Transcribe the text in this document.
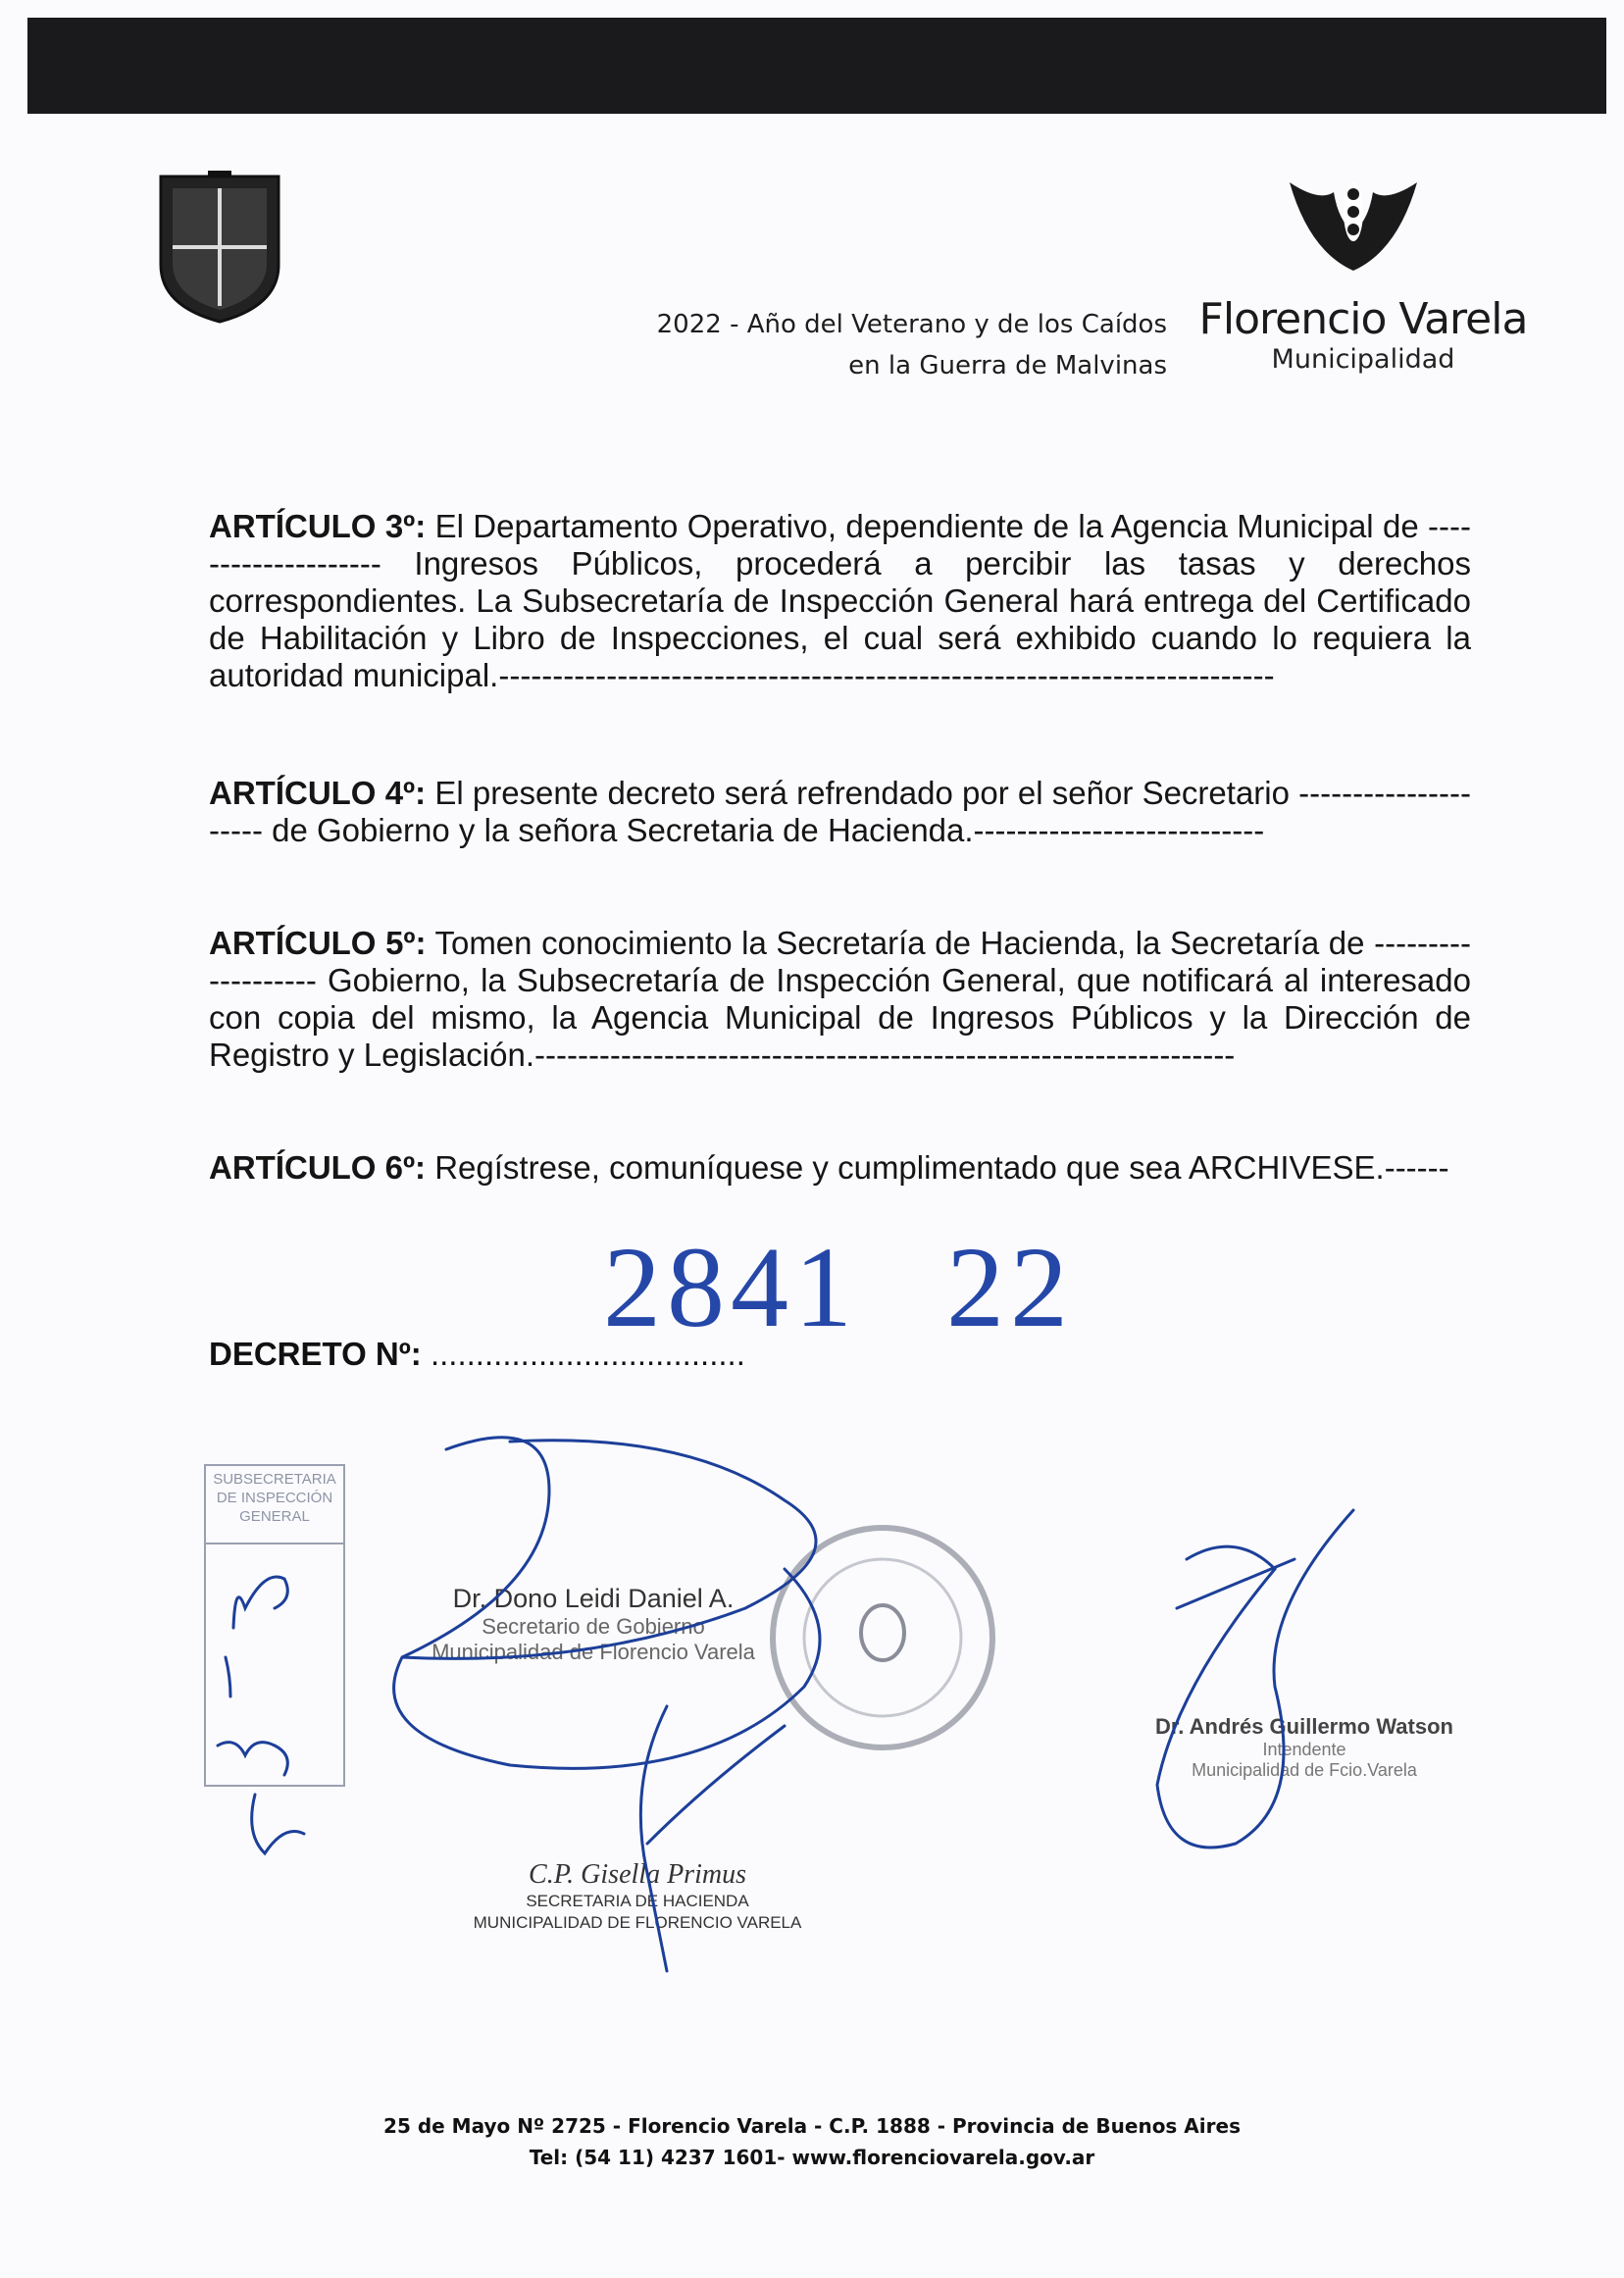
2022 - Año del Veterano y de los Caídos
en la Guerra de Malvinas
Florencio Varela
Municipalidad

ARTÍCULO 3º: El Departamento Operativo, dependiente de la Agencia Municipal de -------------------- Ingresos Públicos, procederá a percibir las tasas y derechos correspondientes. La Subsecretaría de Inspección General hará entrega del Certificado de Habilitación y Libro de Inspecciones, el cual será exhibido cuando lo requiera la autoridad municipal.------------------------------------------------------------------------

ARTÍCULO 4º: El presente decreto será refrendado por el señor Secretario --------------------- de Gobierno y la señora Secretaria de Hacienda.---------------------------

ARTÍCULO 5º: Tomen conocimiento la Secretaría de Hacienda, la Secretaría de ------------------- Gobierno, la Subsecretaría de Inspección General, que notificará al interesado con copia del mismo, la Agencia Municipal de Ingresos Públicos y la Dirección de Registro y Legislación.-----------------------------------------------------------------

ARTÍCULO 6º: Regístrese, comuníquese y cumplimentado que sea ARCHIVESE.------

2841 22
DECRETO Nº: ...................................
SUBSECRETARIA DE INSPECCIÓN GENERAL
Dr. Dono Leidi Daniel A.
Secretario de Gobierno
Municipalidad de Florencio Varela
Dr. Andrés Guillermo Watson
Intendente
Municipalidad de Fcio.Varela
C.P. Gisella Primus
SECRETARIA DE HACIENDA
MUNICIPALIDAD DE FLORENCIO VARELA
25 de Mayo Nº 2725 - Florencio Varela - C.P. 1888 - Provincia de Buenos Aires
Tel: (54 11) 4237 1601- www.florenciovarela.gov.ar
